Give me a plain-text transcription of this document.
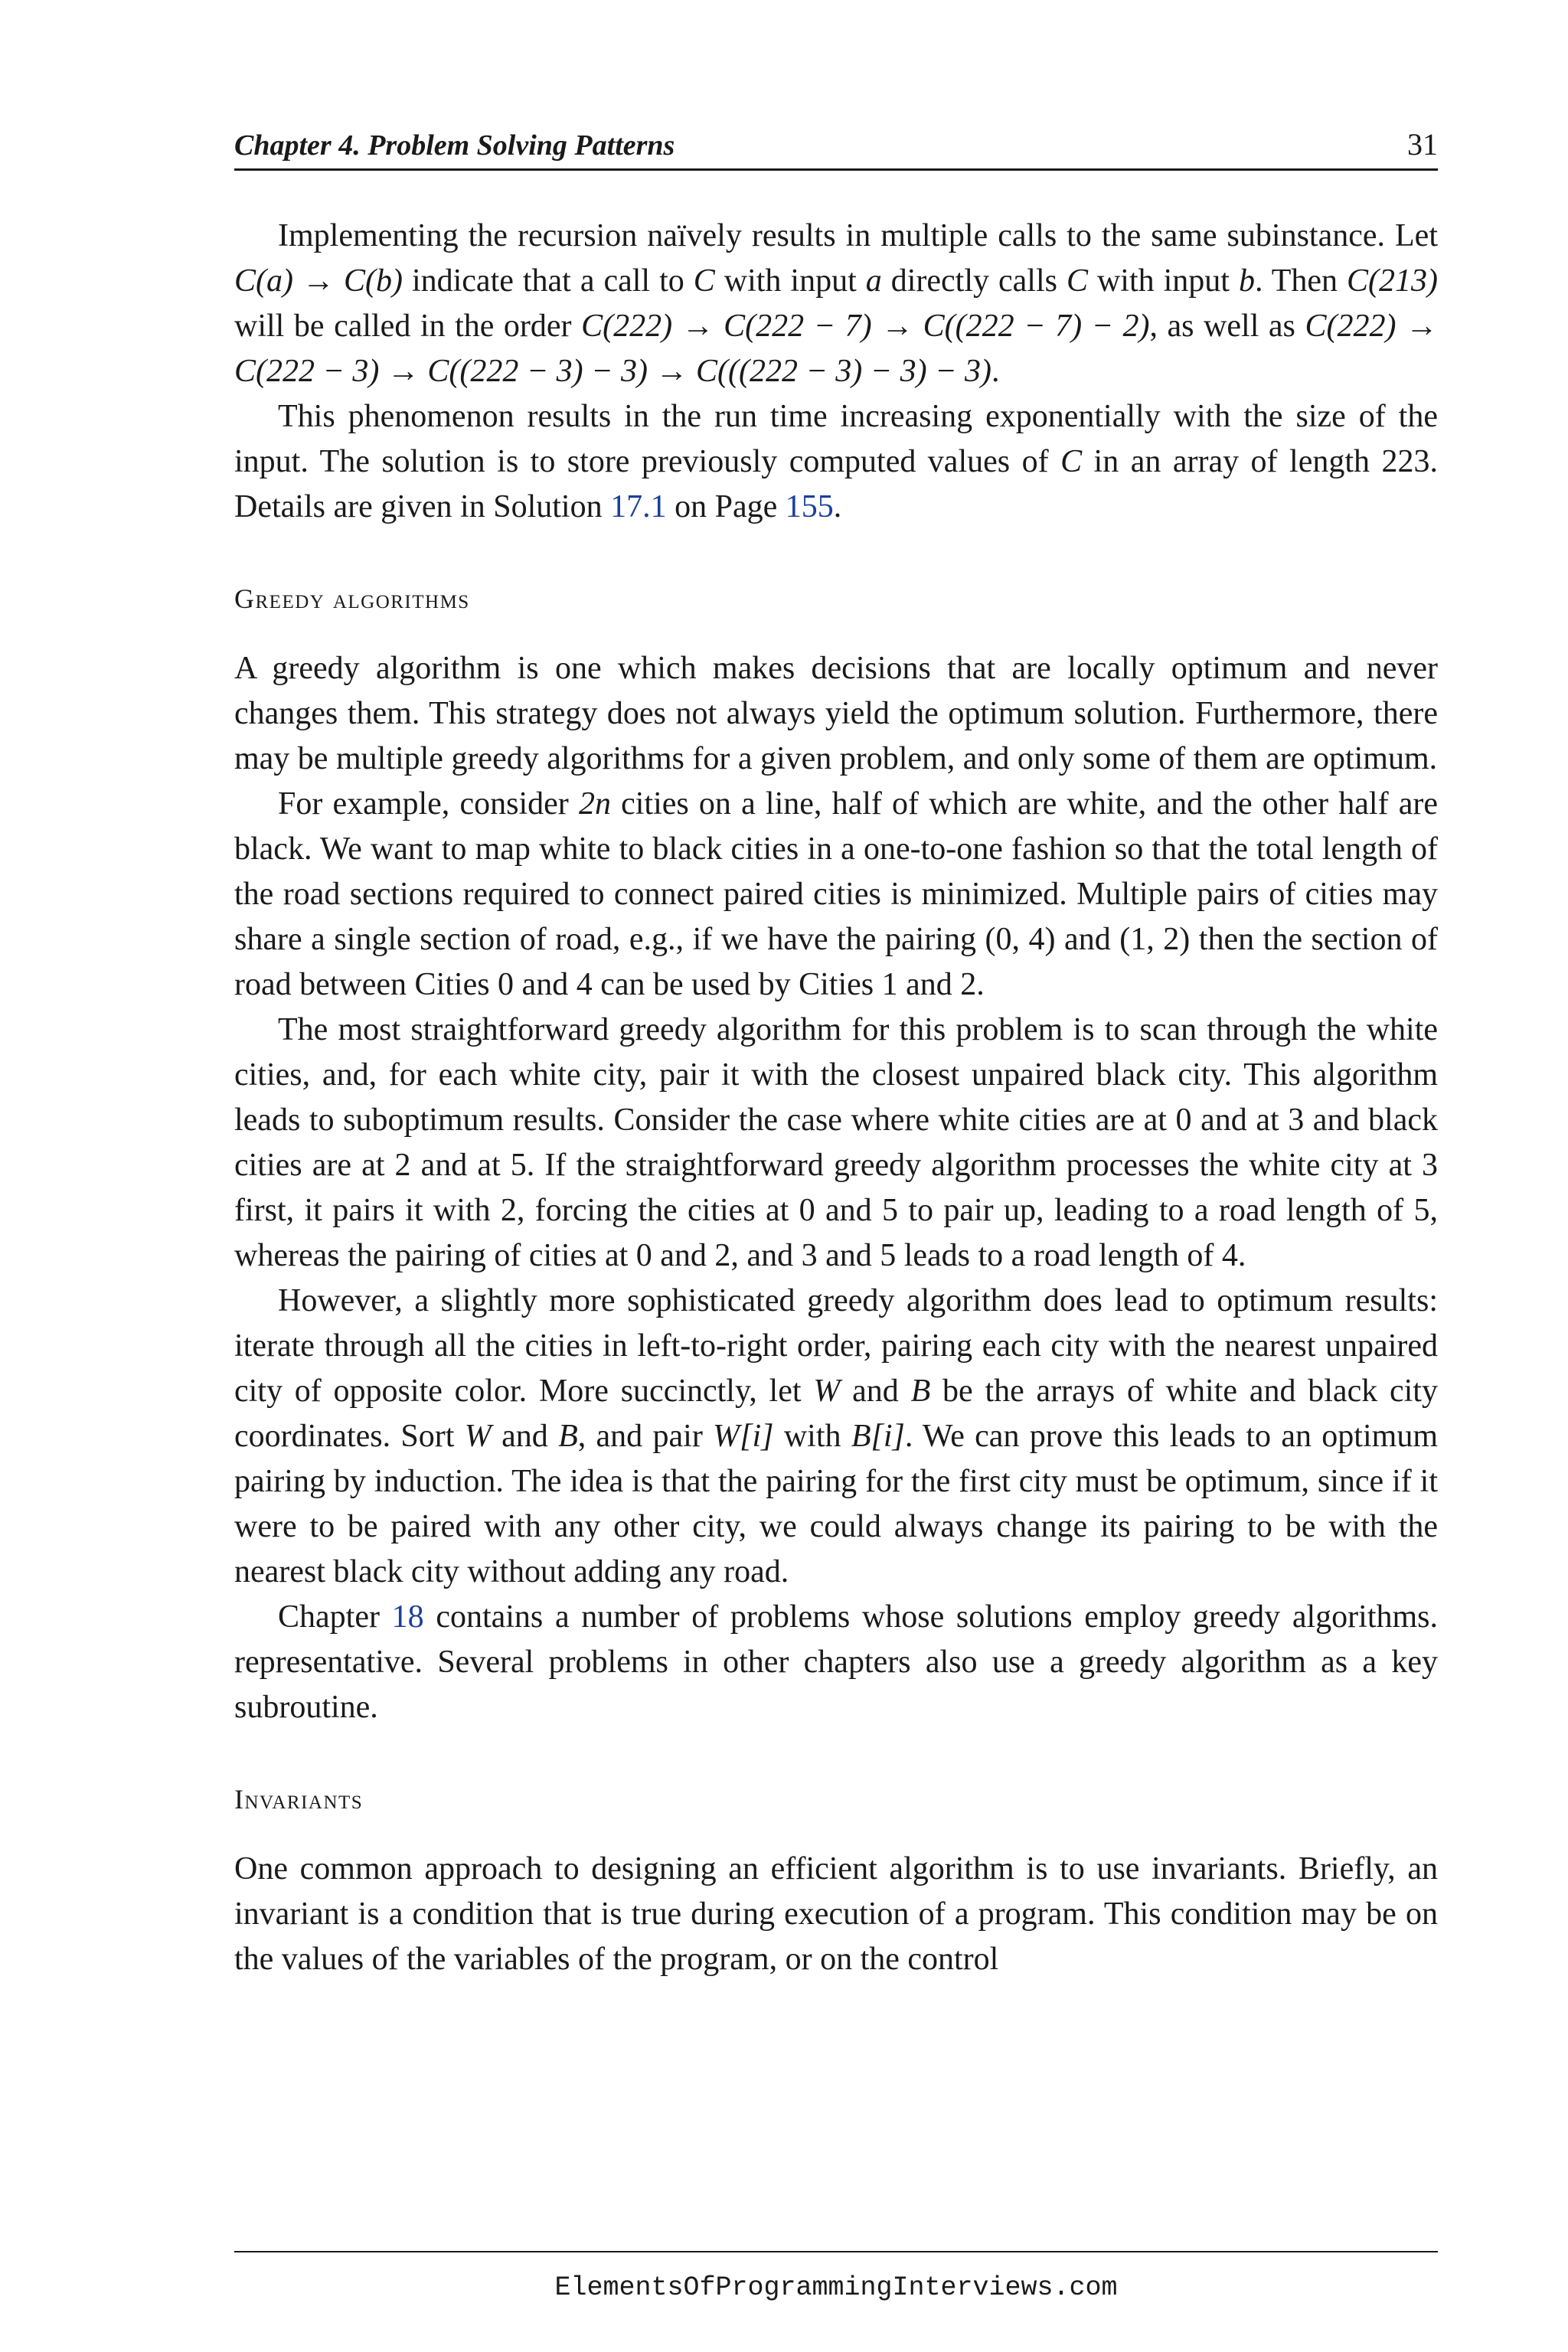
Chapter 4. Problem Solving Patterns	31

Implementing the recursion naïvely results in multiple calls to the same subinstance. Let C(a) → C(b) indicate that a call to C with input a directly calls C with input b. Then C(213) will be called in the order C(222) → C(222 − 7) → C((222 − 7) − 2), as well as C(222) → C(222 − 3) → C((222 − 3) − 3) → C(((222 − 3) − 3) − 3).

This phenomenon results in the run time increasing exponentially with the size of the input. The solution is to store previously computed values of C in an array of length 223. Details are given in Solution 17.1 on Page 155.

Greedy algorithms

A greedy algorithm is one which makes decisions that are locally optimum and never changes them. This strategy does not always yield the optimum solution. Furthermore, there may be multiple greedy algorithms for a given problem, and only some of them are optimum.

For example, consider 2n cities on a line, half of which are white, and the other half are black. We want to map white to black cities in a one-to-one fashion so that the total length of the road sections required to connect paired cities is minimized. Multiple pairs of cities may share a single section of road, e.g., if we have the pairing (0, 4) and (1, 2) then the section of road between Cities 0 and 4 can be used by Cities 1 and 2.

The most straightforward greedy algorithm for this problem is to scan through the white cities, and, for each white city, pair it with the closest unpaired black city. This algorithm leads to suboptimum results. Consider the case where white cities are at 0 and at 3 and black cities are at 2 and at 5. If the straightforward greedy algorithm processes the white city at 3 first, it pairs it with 2, forcing the cities at 0 and 5 to pair up, leading to a road length of 5, whereas the pairing of cities at 0 and 2, and 3 and 5 leads to a road length of 4.

However, a slightly more sophisticated greedy algorithm does lead to optimum results: iterate through all the cities in left-to-right order, pairing each city with the nearest unpaired city of opposite color. More succinctly, let W and B be the arrays of white and black city coordinates. Sort W and B, and pair W[i] with B[i]. We can prove this leads to an optimum pairing by induction. The idea is that the pairing for the first city must be optimum, since if it were to be paired with any other city, we could always change its pairing to be with the nearest black city without adding any road.

Chapter 18 contains a number of problems whose solutions employ greedy algorithms. representative. Several problems in other chapters also use a greedy algorithm as a key subroutine.

Invariants

One common approach to designing an efficient algorithm is to use invariants. Briefly, an invariant is a condition that is true during execution of a program. This condition may be on the values of the variables of the program, or on the control

ElementsOfProgrammingInterviews.com
